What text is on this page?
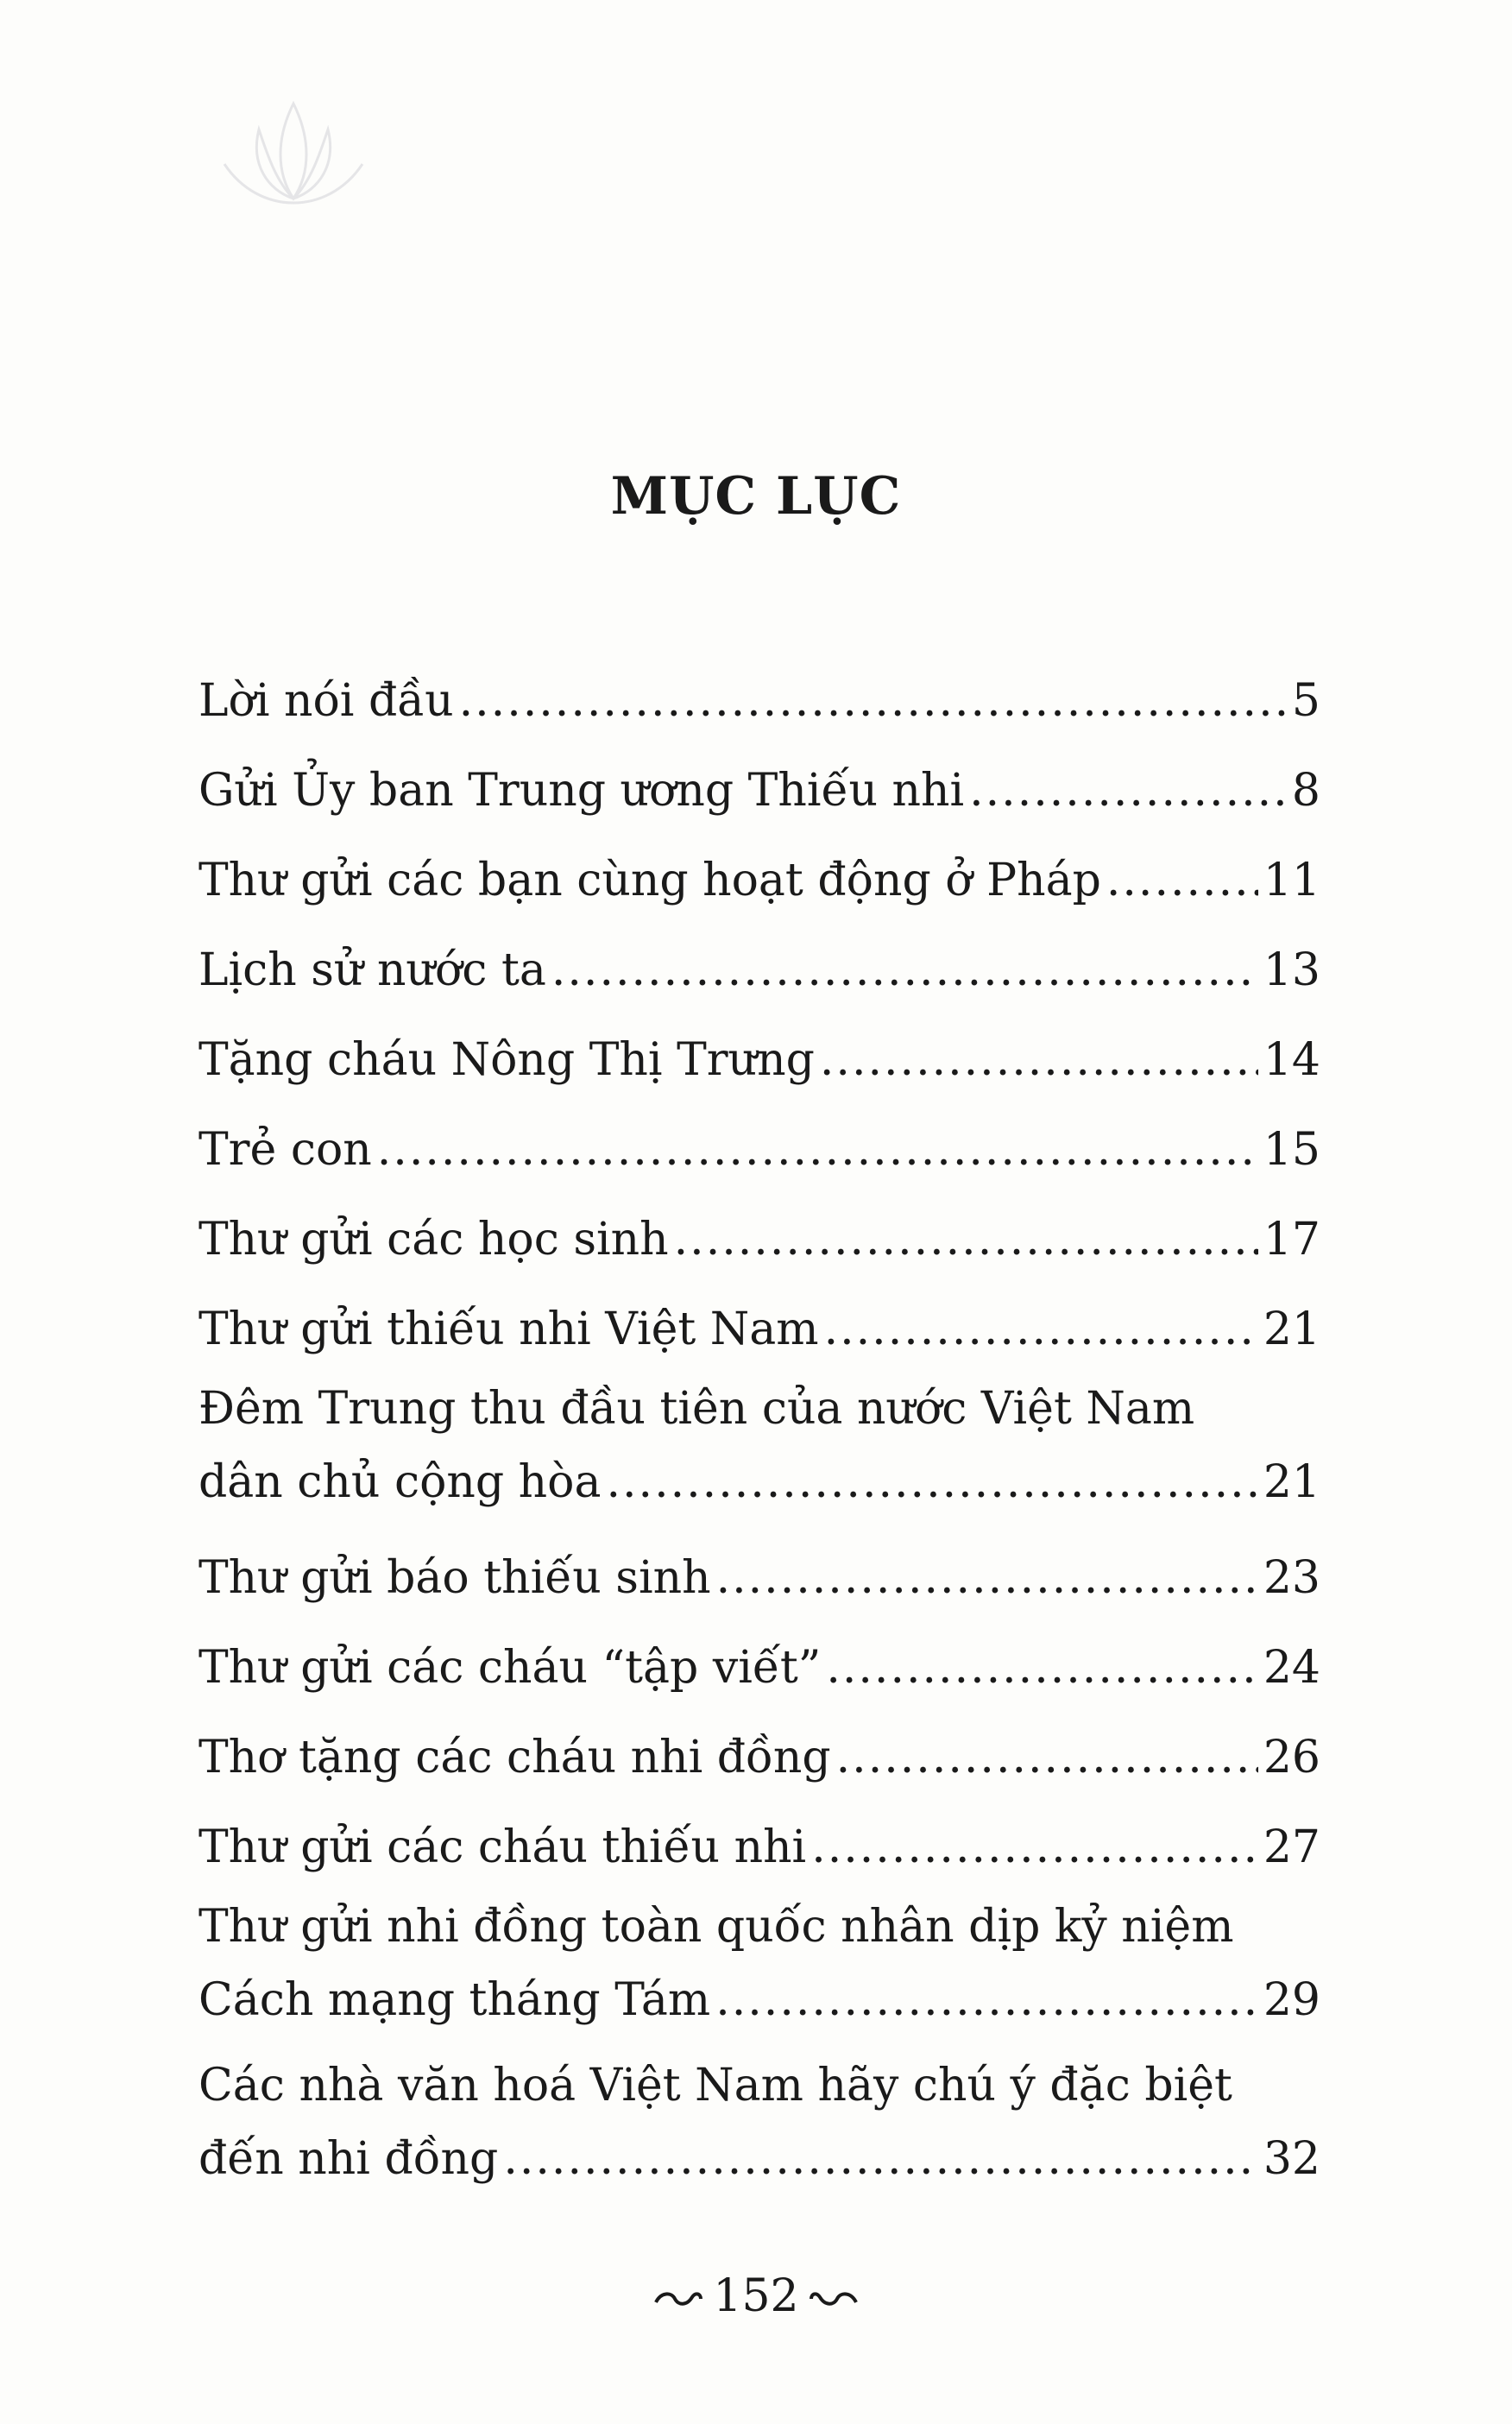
MỤC LỤC
Lời nói đầu .....	5
Gửi Ủy ban Trung ương Thiếu nhi .....	8
Thư gửi các bạn cùng hoạt động ở Pháp .....	11
Lịch sử nước ta .....	13
Tặng cháu Nông Thị Trưng .....	14
Trẻ con .....	15
Thư gửi các học sinh .....	17
Thư gửi thiếu nhi Việt Nam .....	21
Đêm Trung thu đầu tiên của nước Việt Nam
dân chủ cộng hòa .....	21
Thư gửi báo thiếu sinh .....	23
Thư gửi các cháu “tập viết” .....	24
Thơ tặng các cháu nhi đồng .....	26
Thư gửi các cháu thiếu nhi .....	27
Thư gửi nhi đồng toàn quốc nhân dịp kỷ niệm
Cách mạng tháng Tám .....	29
Các nhà văn hoá Việt Nam hãy chú ý đặc biệt
đến nhi đồng .....	32
152
